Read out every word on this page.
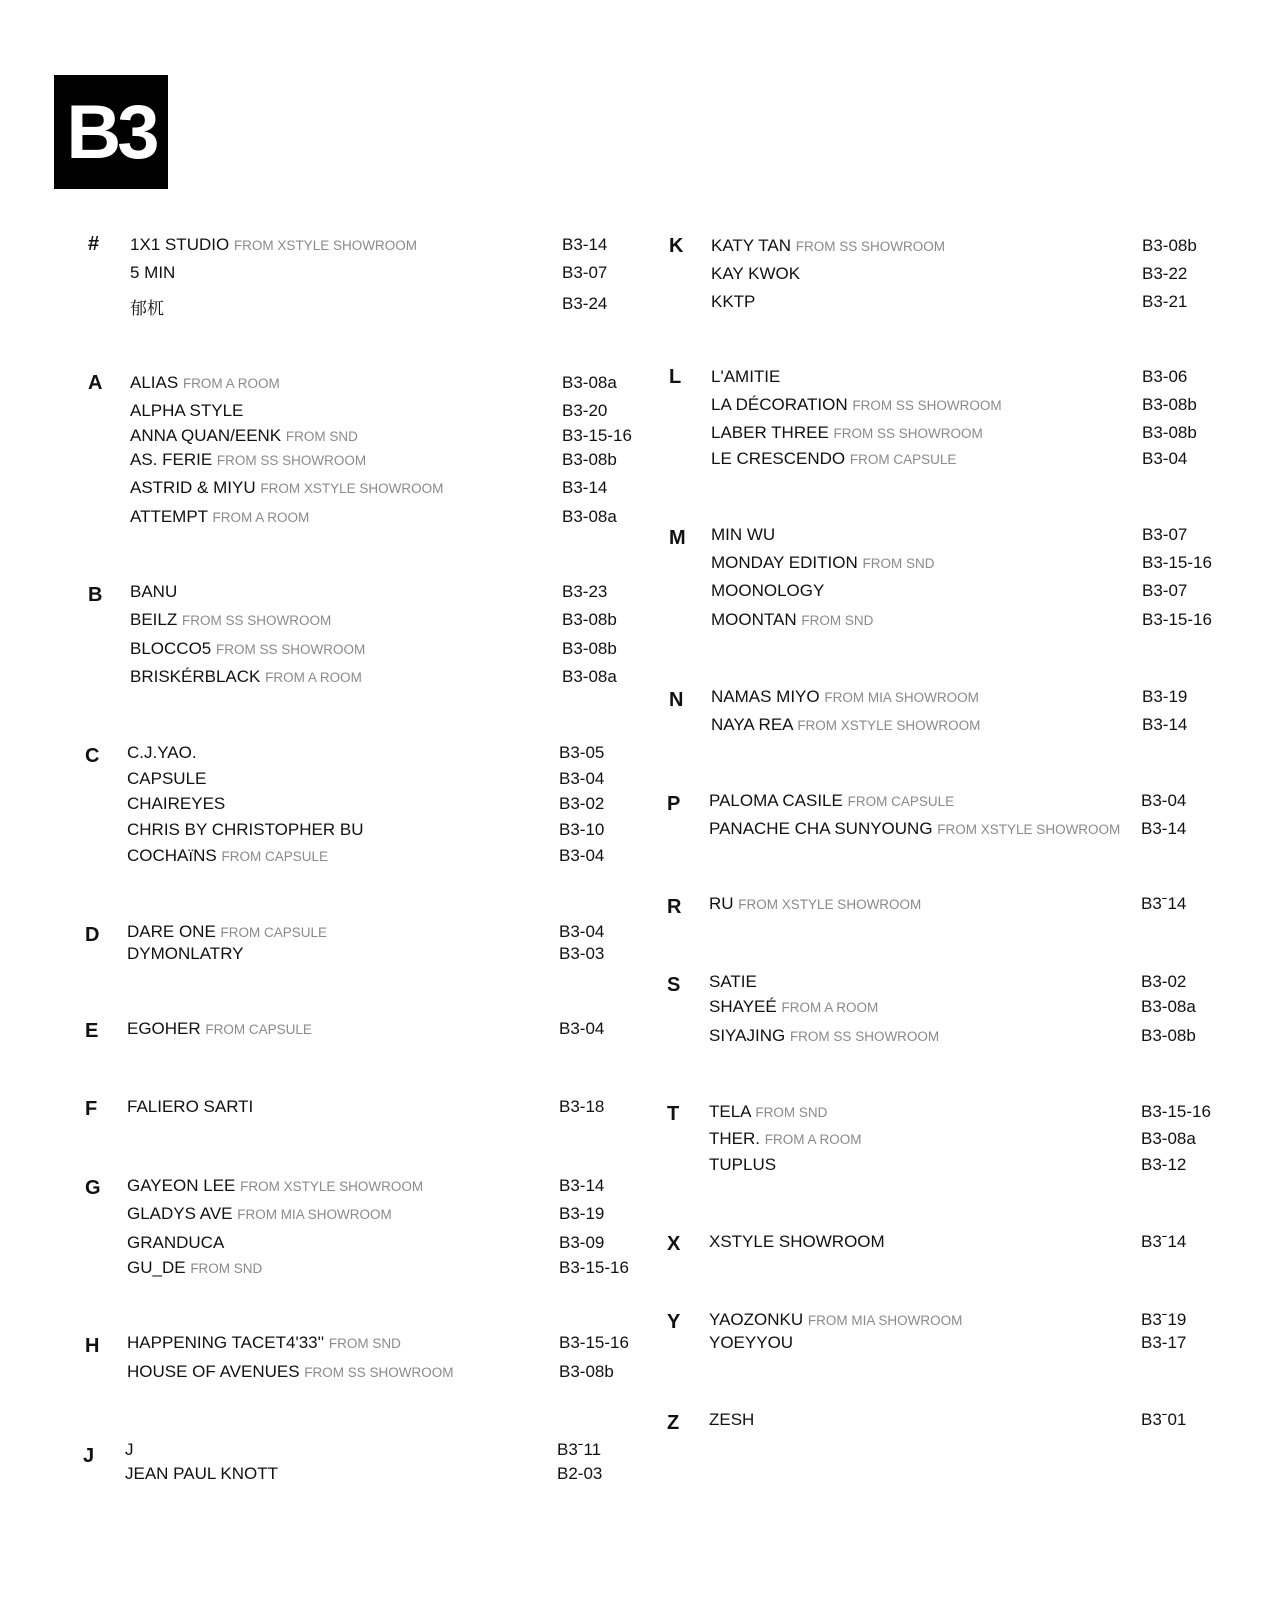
B3
# 1X1 STUDIO FROM XSTYLE SHOWROOM	B3-14
5 MIN	B3-07
郁杌	B3-24
A ALIAS FROM A ROOM	B3-08a
ALPHA STYLE	B3-20
ANNA QUAN/EENK FROM SND	B3-15-16
AS. FERIE FROM SS SHOWROOM	B3-08b
ASTRID & MIYU FROM XSTYLE SHOWROOM	B3-14
ATTEMPT FROM A ROOM	B3-08a
B BANU	B3-23
BEILZ FROM SS SHOWROOM	B3-08b
BLOCCO5 FROM SS SHOWROOM	B3-08b
BRISKÉRBLACK FROM A ROOM	B3-08a
C C.J.YAO.	B3-05
CAPSULE	B3-04
CHAIREYES	B3-02
CHRIS BY CHRISTOPHER BU	B3-10
COCHAïNS FROM CAPSULE	B3-04
D DARE ONE FROM CAPSULE	B3-04
DYMONLATRY	B3-03
E EGOHER FROM CAPSULE	B3-04
F FALIERO SARTI	B3-18
G GAYEON LEE FROM XSTYLE SHOWROOM	B3-14
GLADYS AVE FROM MIA SHOWROOM	B3-19
GRANDUCA	B3-09
GU_DE FROM SND	B3-15-16
H HAPPENING TACET4'33'' FROM SND	B3-15-16
HOUSE OF AVENUES FROM SS SHOWROOM	B3-08b
J J	B3ˉ11
JEAN PAUL KNOTT	B2-03
K KATY TAN FROM SS SHOWROOM	B3-08b
KAY KWOK	B3-22
KKTP	B3-21
L L'AMITIE	B3-06
LA DÉCORATION FROM SS SHOWROOM	B3-08b
LABER THREE FROM SS SHOWROOM	B3-08b
LE CRESCENDO FROM CAPSULE	B3-04
M MIN WU	B3-07
MONDAY EDITION FROM SND	B3-15-16
MOONOLOGY	B3-07
MOONTAN FROM SND	B3-15-16
N NAMAS MIYO FROM MIA SHOWROOM	B3-19
NAYA REA FROM XSTYLE SHOWROOM	B3-14
P PALOMA CASILE FROM CAPSULE	B3-04
PANACHE CHA SUNYOUNG FROM XSTYLE SHOWROOM B3-14
R RU FROM XSTYLE SHOWROOM	B3ˉ14
S SATIE	B3-02
SHAYEÉ FROM A ROOM	B3-08a
SIYAJING FROM SS SHOWROOM	B3-08b
T TELA FROM SND	B3-15-16
THER. FROM A ROOM	B3-08a
TUPLUS	B3-12
X XSTYLE SHOWROOM	B3ˉ14
Y YAOZONKU FROM MIA SHOWROOM	B3ˉ19
YOEYYOU	B3-17
Z ZESH	B3ˉ01
